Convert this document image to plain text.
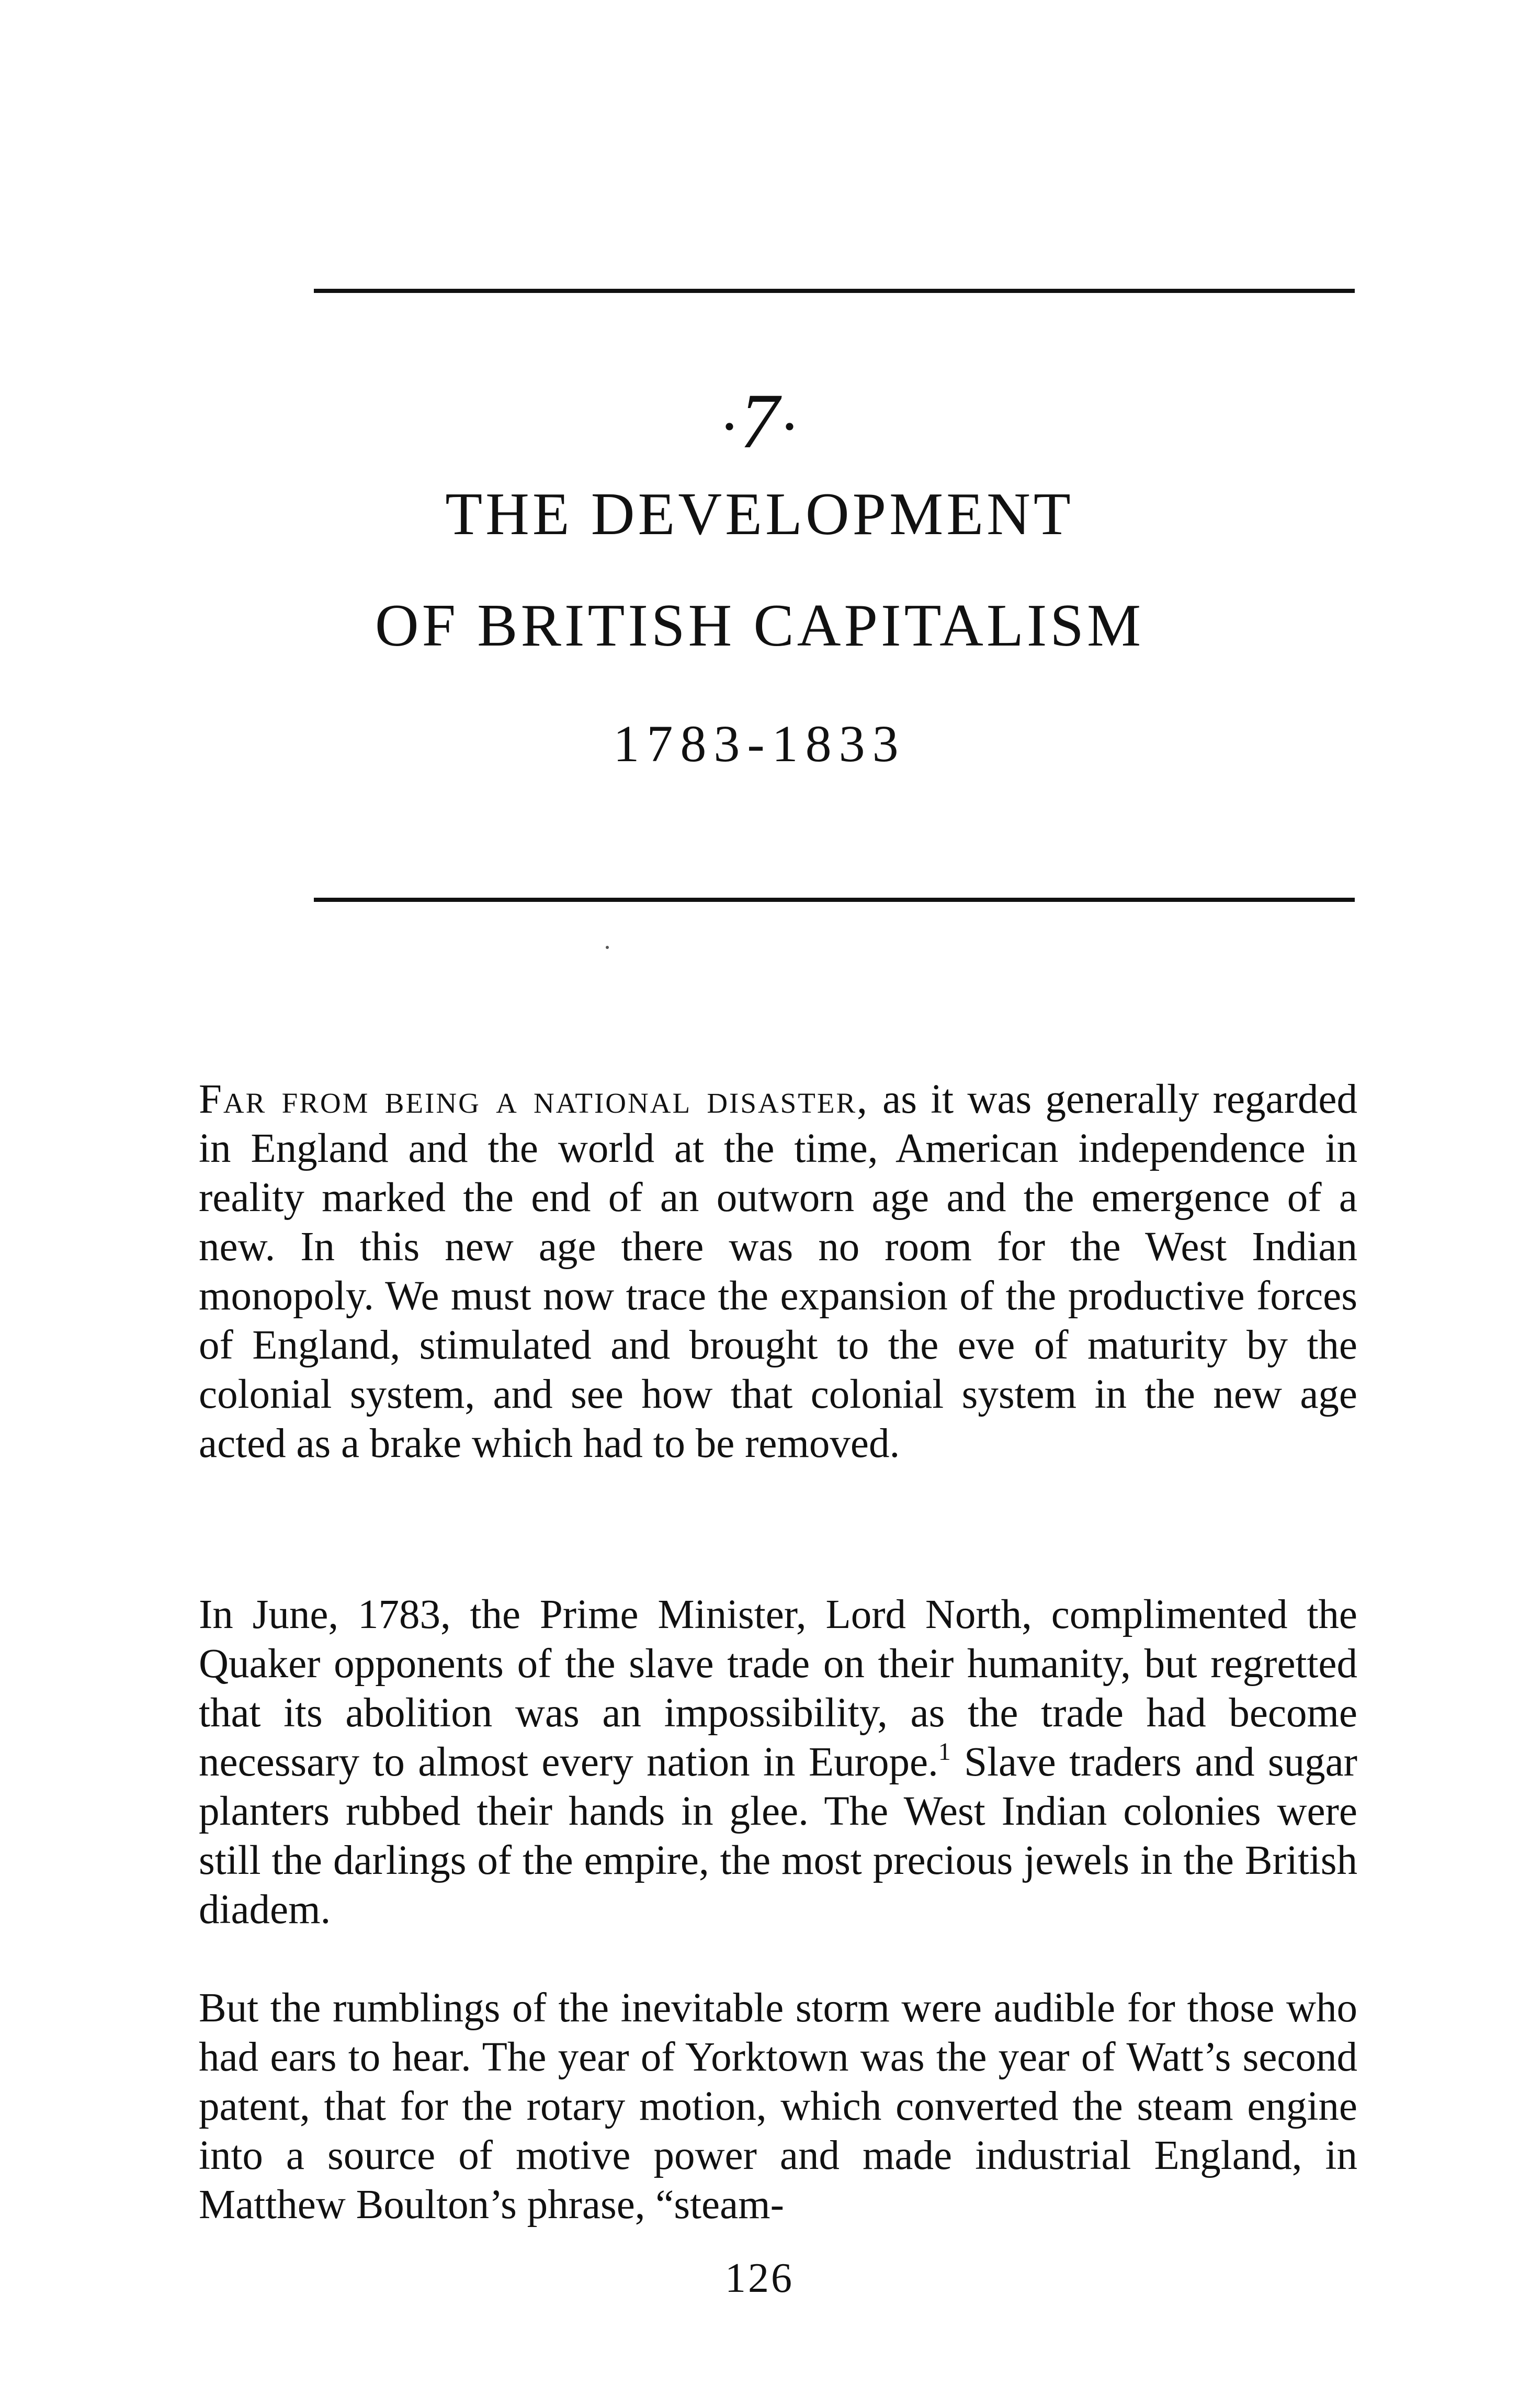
·7·
THE DEVELOPMENT
OF BRITISH CAPITALISM
1783-1833

Far from being a national disaster, as it was generally regarded in England and the world at the time, American independence in reality marked the end of an outworn age and the emergence of a new. In this new age there was no room for the West Indian monopoly. We must now trace the expansion of the productive forces of England, stimulated and brought to the eve of maturity by the colonial system, and see how that colonial system in the new age acted as a brake which had to be removed.

In June, 1783, the Prime Minister, Lord North, complimented the Quaker opponents of the slave trade on their humanity, but regretted that its abolition was an impossibility, as the trade had become necessary to almost every nation in Europe.$^1$ Slave traders and sugar planters rubbed their hands in glee. The West Indian colonies were still the darlings of the empire, the most precious jewels in the British diadem.

But the rumblings of the inevitable storm were audible for those who had ears to hear. The year of Yorktown was the year of Watt’s second patent, that for the rotary motion, which converted the steam engine into a source of motive power and made industrial England, in Matthew Boulton’s phrase, “steam-

126
